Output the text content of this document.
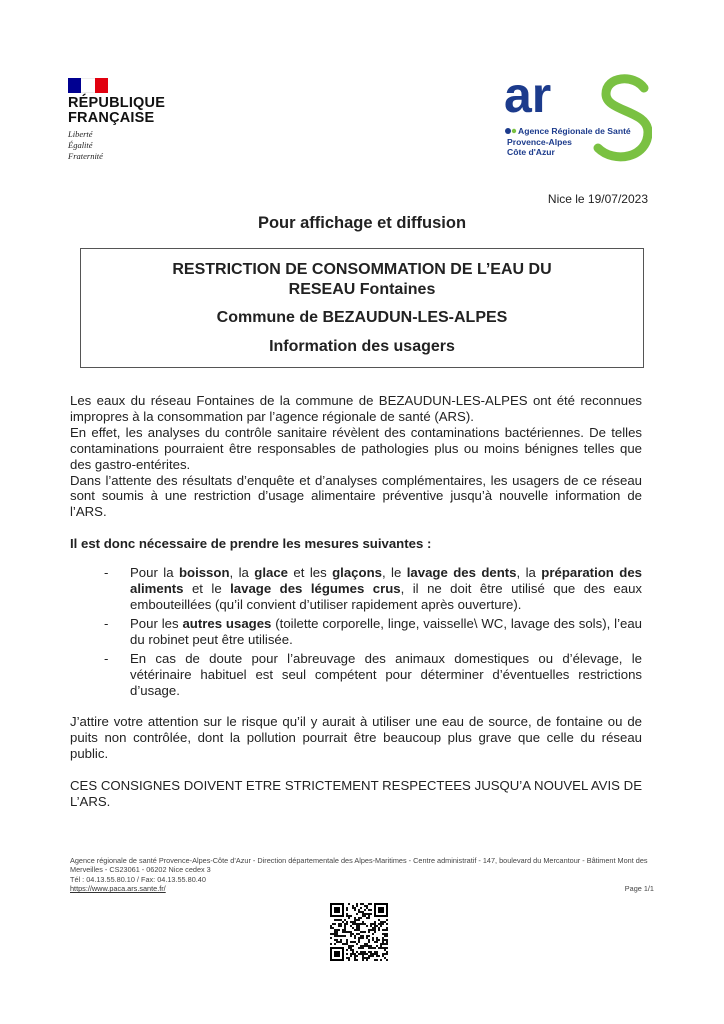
RÉPUBLIQUE
FRANÇAISE
Liberté
Égalité
Fraternité
ar
Agence Régionale de Santé
Provence-Alpes
Côte d'Azur
Nice le 19/07/2023
Pour affichage et diffusion
RESTRICTION DE CONSOMMATION DE L’EAU DU
RESEAU Fontaines
Commune de BEZAUDUN-LES-ALPES
Information des usagers

Les eaux du réseau Fontaines de la commune de BEZAUDUN-LES-ALPES ont été reconnues impropres à la consommation par l’agence régionale de santé (ARS).

En effet, les analyses du contrôle sanitaire révèlent des contaminations bactériennes. De telles contaminations pourraient être responsables de pathologies plus ou moins bénignes telles que des gastro-entérites.

Dans l’attente des résultats d’enquête et d’analyses complémentaires, les usagers de ce réseau sont soumis à une restriction d’usage alimentaire préventive jusqu’à nouvelle information de l’ARS.

Il est donc nécessaire de prendre les mesures suivantes :

- Pour la boisson, la glace et les glaçons, le lavage des dents, la préparation des aliments et le lavage des légumes crus, il ne doit être utilisé que des eaux embouteillées (qu’il convient d’utiliser rapidement après ouverture).
- Pour les autres usages (toilette corporelle, linge, vaisselle\ WC, lavage des sols), l’eau du robinet peut être utilisée.
- En cas de doute pour l’abreuvage des animaux domestiques ou d’élevage, le vétérinaire habituel est seul compétent pour déterminer d’éventuelles restrictions d’usage.

J’attire votre attention sur le risque qu’il y aurait à utiliser une eau de source, de fontaine ou de puits non contrôlée, dont la pollution pourrait être beaucoup plus grave que celle du réseau public.

CES CONSIGNES DOIVENT ETRE STRICTEMENT RESPECTEES JUSQU’A NOUVEL AVIS DE L’ARS.

Agence régionale de santé Provence-Alpes-Côte d’Azur - Direction départementale des Alpes-Maritimes - Centre administratif - 147, boulevard du Mercantour - Bâtiment Mont des Merveilles - CS23061 - 06202 Nice cedex 3
Tél : 04.13.55.80.10 / Fax: 04.13.55.80.40
https://www.paca.ars.sante.fr/	Page 1/1
